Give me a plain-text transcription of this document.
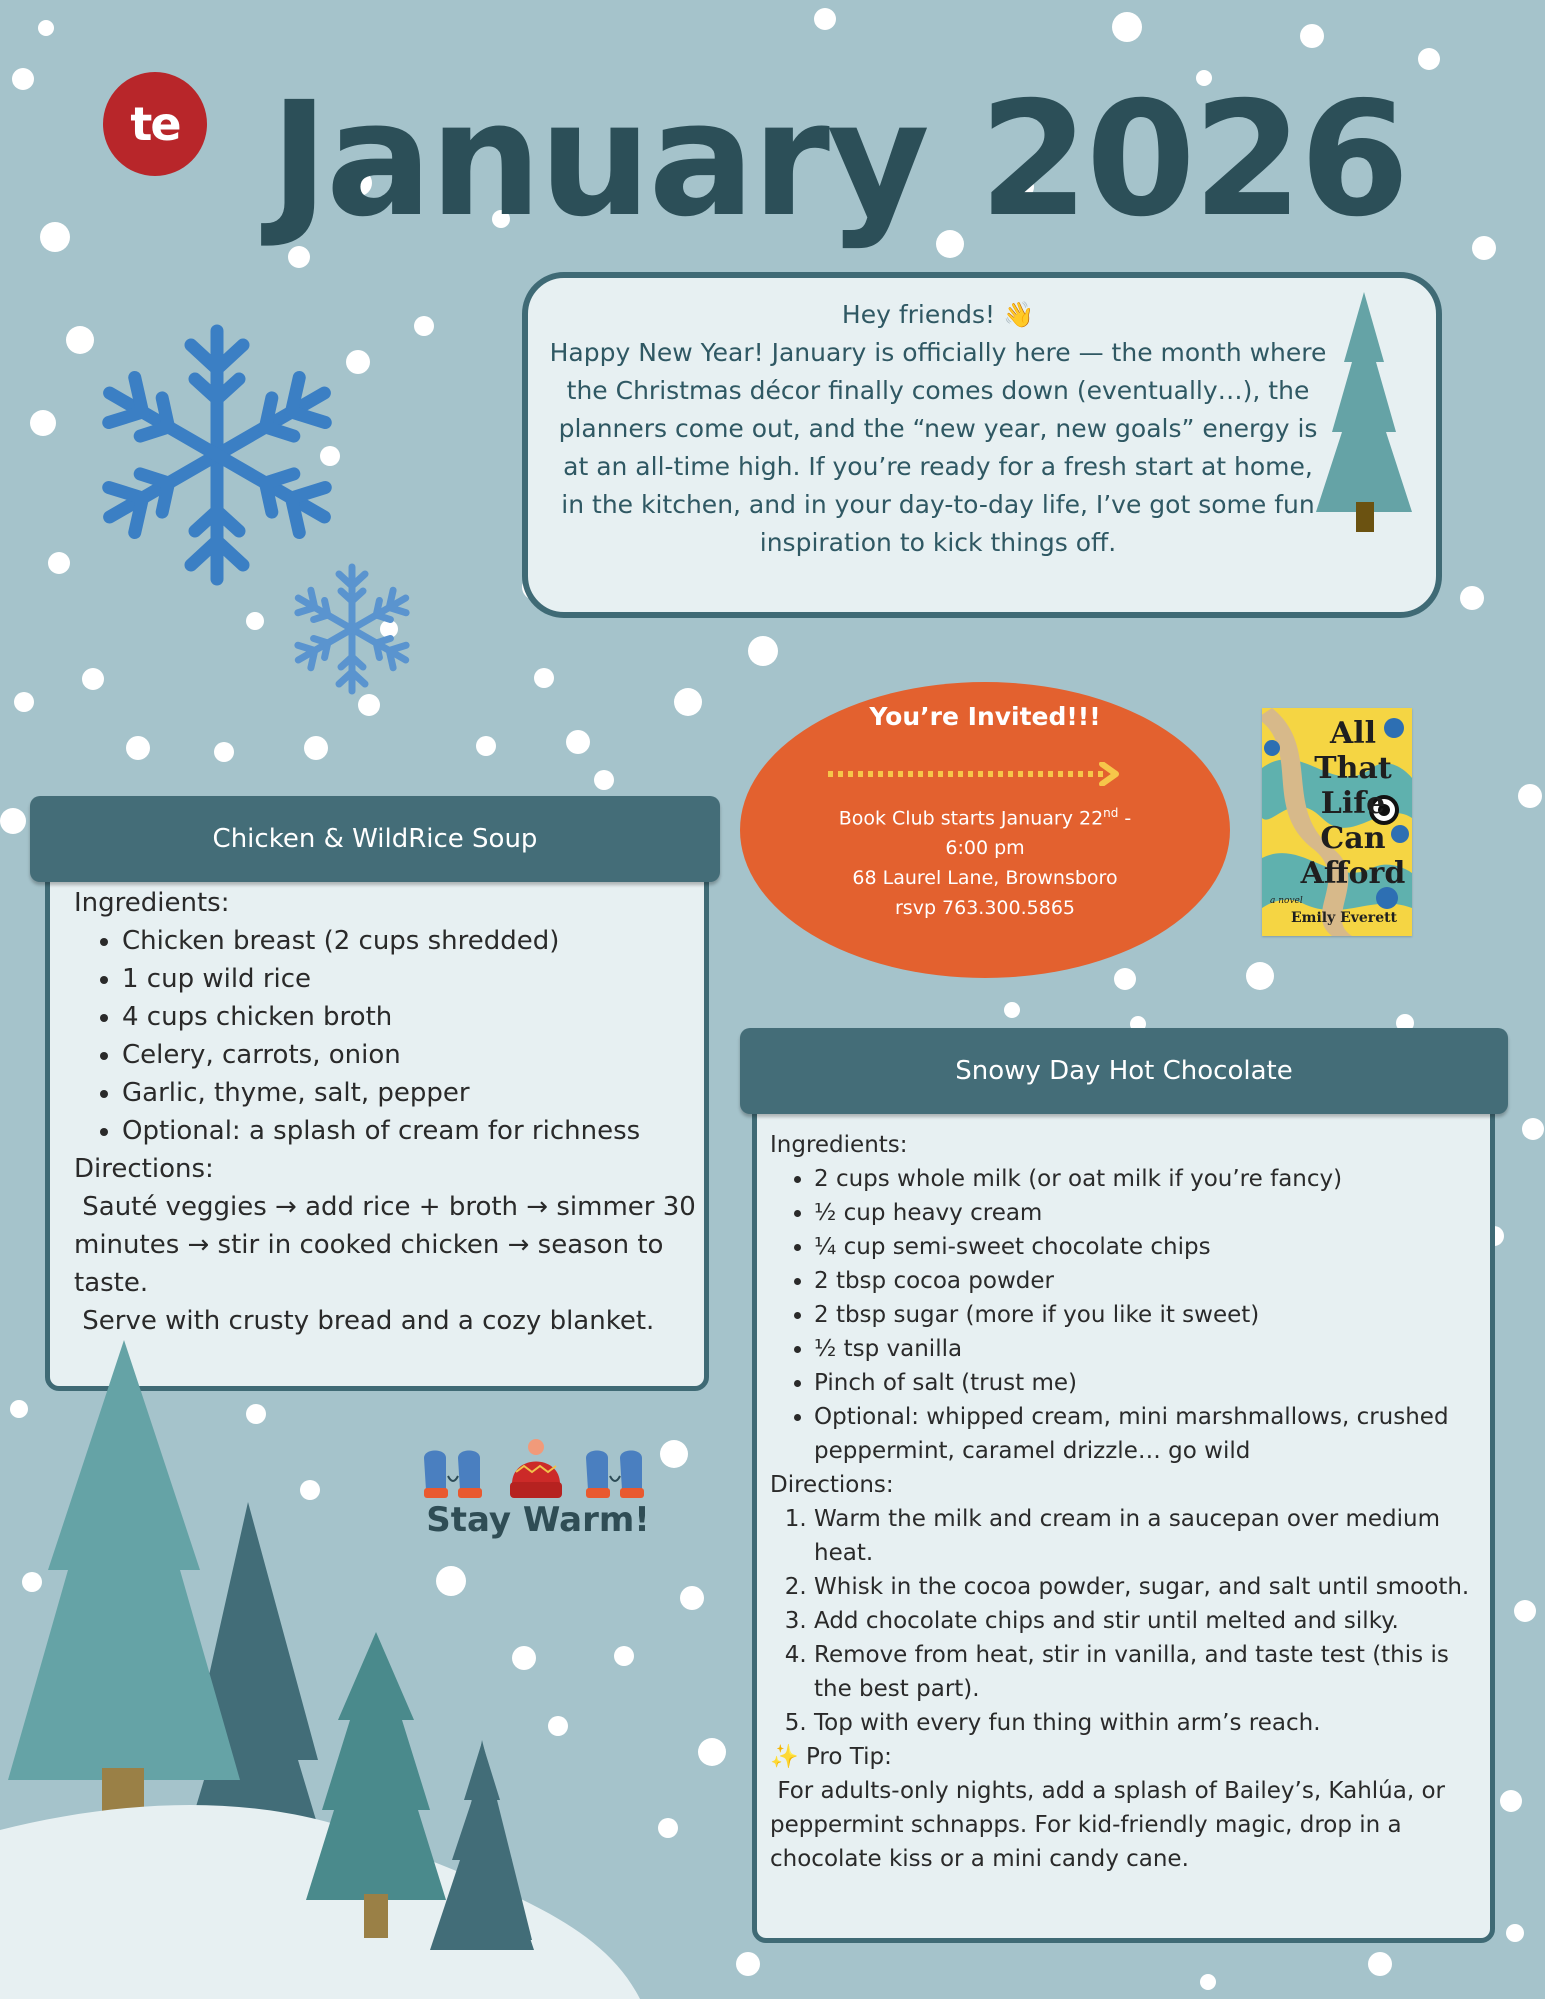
te January 2026

Hey friends! 👋

Happy New Year! January is officially here — the month where the Christmas décor finally comes down (eventually…), the planners come out, and the “new year, new goals” energy is at an all-time high. If you’re ready for a fresh start at home, in the kitchen, and in your day-to-day life, I’ve got some fun inspiration to kick things off.

You’re Invited!!!

Book Club starts January 22nd -
6:00 pm
68 Laurel Lane, Brownsboro
rsvp 763.300.5865
All
That
Life
Can
Afford
a novel
Emily Everett
Chicken & WildRice Soup

Ingredients:

• Chicken breast (2 cups shredded)
• 1 cup wild rice
• 4 cups chicken broth
• Celery, carrots, onion
• Garlic, thyme, salt, pepper
• Optional: a splash of cream for richness

Directions:

Sauté veggies → add rice + broth → simmer 30 minutes → stir in cooked chicken → season to taste.

Serve with crusty bread and a cozy blanket.

Snowy Day Hot Chocolate

Ingredients:

• 2 cups whole milk (or oat milk if you’re fancy)
• ½ cup heavy cream
• ¼ cup semi-sweet chocolate chips
• 2 tbsp cocoa powder
• 2 tbsp sugar (more if you like it sweet)
• ½ tsp vanilla
• Pinch of salt (trust me)
• Optional: whipped cream, mini marshmallows, crushed peppermint, caramel drizzle… go wild

Directions:

1. Warm the milk and cream in a saucepan over medium heat.
2. Whisk in the cocoa powder, sugar, and salt until smooth.
3. Add chocolate chips and stir until melted and silky.
4. Remove from heat, stir in vanilla, and taste test (this is the best part).
5. Top with every fun thing within arm’s reach.

✨ Pro Tip:

For adults-only nights, add a splash of Bailey’s, Kahlúa, or peppermint schnapps. For kid-friendly magic, drop in a chocolate kiss or a mini candy cane.

Stay Warm!
